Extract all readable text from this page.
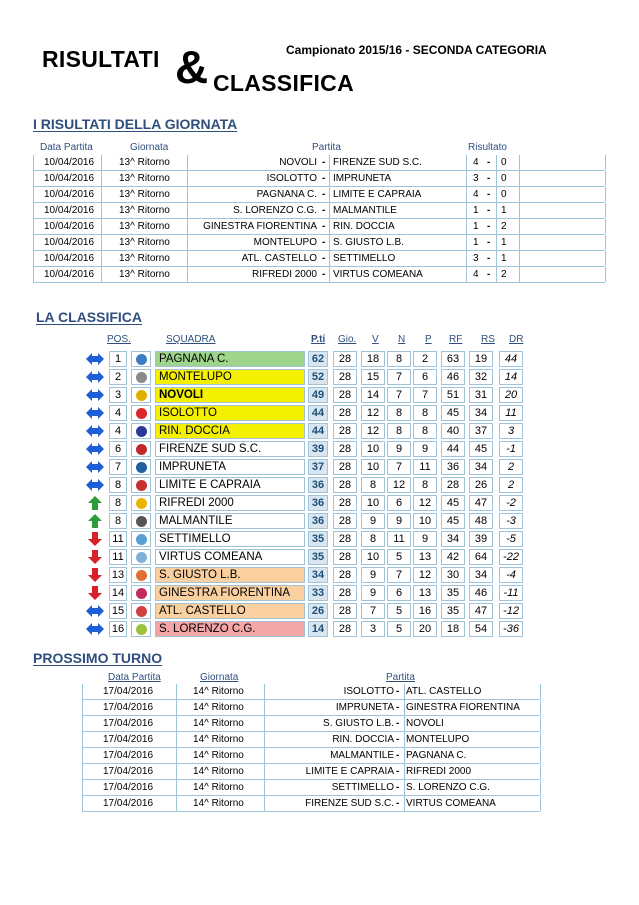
RISULTATI & CLASSIFICA
Campionato 2015/16 - SECONDA CATEGORIA
I RISULTATI DELLA GIORNATA
Data Partita	Giornata	Partita	Risultato
10/04/2016 13^ Ritorno	NOVOLI - FIRENZE SUD S.C.	4 - 0
10/04/2016 13^ Ritorno	ISOLOTTO - IMPRUNETA	3 - 0
10/04/2016 13^ Ritorno	PAGNANA C. - LIMITE E CAPRAIA	4 - 0
10/04/2016 13^ Ritorno	S. LORENZO C.G. - MALMANTILE	1 - 1
10/04/2016 13^ Ritorno	GINESTRA FIORENTINA - RIN. DOCCIA	1 - 2
10/04/2016 13^ Ritorno	MONTELUPO - S. GIUSTO L.B.	1 - 1
10/04/2016 13^ Ritorno	ATL. CASTELLO - SETTIMELLO	3 - 1
10/04/2016 13^ Ritorno	RIFREDI 2000 - VIRTUS COMEANA	4 - 2
LA CLASSIFICA
POS.	SQUADRA	P.ti Gio. V N P RF RS DR
1	PAGNANA C.	62	28	18	8	2	63	19	44
2	MONTELUPO	52	28	15	7	6	46	32	14
3	NOVOLI	49	28	14	7	7	51	31	20
4	ISOLOTTO	44	28	12	8	8	45	34	11
4	RIN. DOCCIA	44	28	12	8	8	40	37	3
6	FIRENZE SUD S.C.	39	28	10	9	9	44	45	-1
7	IMPRUNETA	37	28	10	7	11	36	34	2
8	LIMITE E CAPRAIA	36	28	8	12	8	28	26	2
8	RIFREDI 2000	36	28	10	6	12	45	47	-2
8	MALMANTILE	36	28	9	9	10	45	48	-3
11	SETTIMELLO	35	28	8	11	9	34	39	-5
11	VIRTUS COMEANA	35	28	10	5	13	42	64	-22
13	S. GIUSTO L.B.	34	28	9	7	12	30	34	-4
14	GINESTRA FIORENTINA	33	28	9	6	13	35	46	-11
15	ATL. CASTELLO	26	28	7	5	16	35	47	-12
16	S. LORENZO C.G.	14	28	3	5	20	18	54	-36
PROSSIMO TURNO
Data Partita	Giornata	Partita
17/04/2016	14^ Ritorno	ISOLOTTO - ATL. CASTELLO
17/04/2016	14^ Ritorno	IMPRUNETA - GINESTRA FIORENTINA
17/04/2016	14^ Ritorno	S. GIUSTO L.B. - NOVOLI
17/04/2016	14^ Ritorno	RIN. DOCCIA - MONTELUPO
17/04/2016	14^ Ritorno	MALMANTILE - PAGNANA C.
17/04/2016	14^ Ritorno	LIMITE E CAPRAIA - RIFREDI 2000
17/04/2016	14^ Ritorno	SETTIMELLO - S. LORENZO C.G.
17/04/2016	14^ Ritorno	FIRENZE SUD S.C. - VIRTUS COMEANA
